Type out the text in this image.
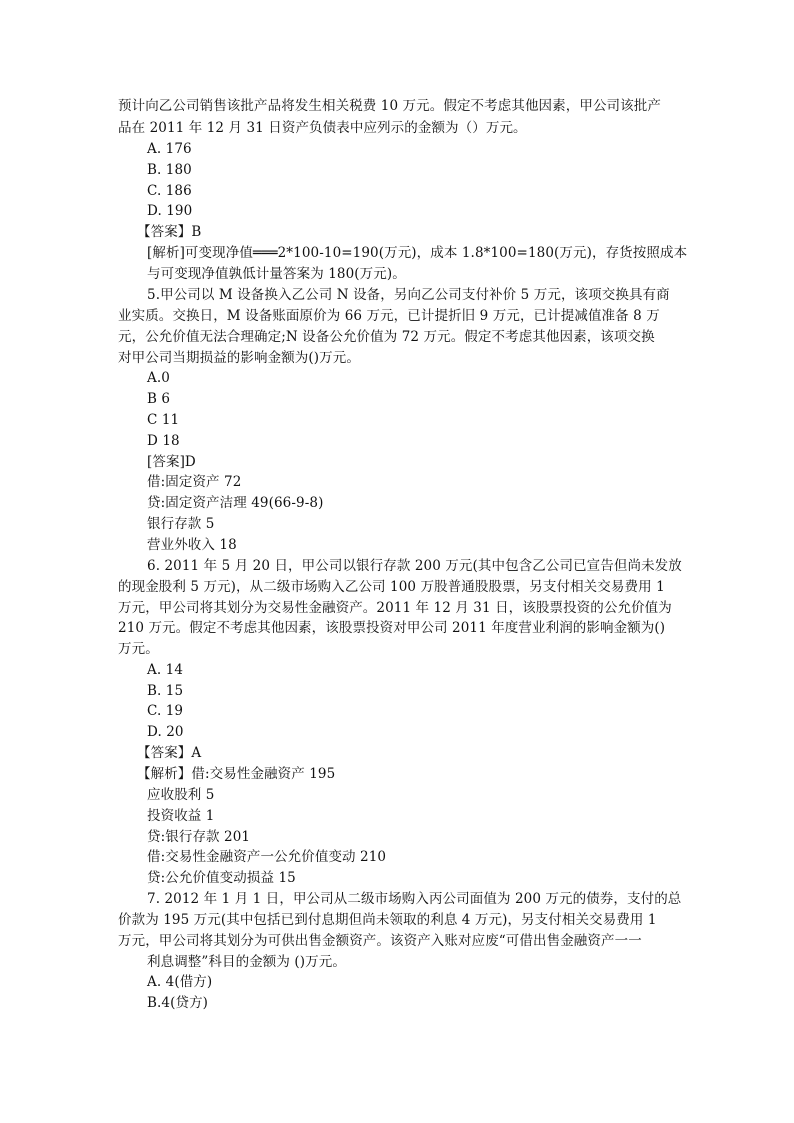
预计向乙公司销售该批产品将发生相关税费 10 万元。假定不考虑其他因素，甲公司该批产
品在 2011 年 12 月 31 日资产负债表中应列示的金额为（）万元。
A. 176
B. 180
C. 186
D. 190
【答案】B
[解析]可变现净值═══2*100-10=190(万元)，成本 1.8*100=180(万元)，存货按照成本
与可变现净值孰低计量答案为 180(万元)。
5.甲公司以 M 设备换入乙公司 N 设备，另向乙公司支付补价 5 万元，该项交换具有商
业实质。交换日，M 设备账面原价为 66 万元，已计提折旧 9 万元，已计提减值准备 8 万
元，公允价值无法合理确定;N 设备公允价值为 72 万元。假定不考虑其他因素，该项交换
对甲公司当期损益的影响金额为()万元。
A.0
B 6
C 11
D 18
[答案]D
借:固定资产 72
贷:固定资产洁理 49(66-9-8)
银行存款 5
营业外收入 18
6. 2011 年 5 月 20 日，甲公司以银行存款 200 万元(其中包含乙公司已宣告但尚未发放
的现金股利 5 万元)，从二级市场购入乙公司 100 万股普通股股票，另支付相关交易费用 1
万元，甲公司将其划分为交易性金融资产。2011 年 12 月 31 日，该股票投资的公允价值为
210 万元。假定不考虑其他因素，该股票投资对甲公司 2011 年度营业利润的影响金额为()
万元。
A. 14
B. 15
C. 19
D. 20
【答案】A
【解析】借:交易性金融资产 195
应收股利 5
投资收益 1
贷:银行存款 201
借:交易性金融资产一公允价值变动 210
贷:公允价值变动损益 15
7. 2012 年 1 月 1 日，甲公司从二级市场购入丙公司面值为 200 万元的债券，支付的总
价款为 195 万元(其中包括已到付息期但尚未领取的利息 4 万元)，另支付相关交易费用 1
万元，甲公司将其划分为可供出售金额资产。该资产入账对应废“可借出售金融资产一一
利息调整”科目的金额为 ()万元。
A. 4(借方)
B.4(贷方)
